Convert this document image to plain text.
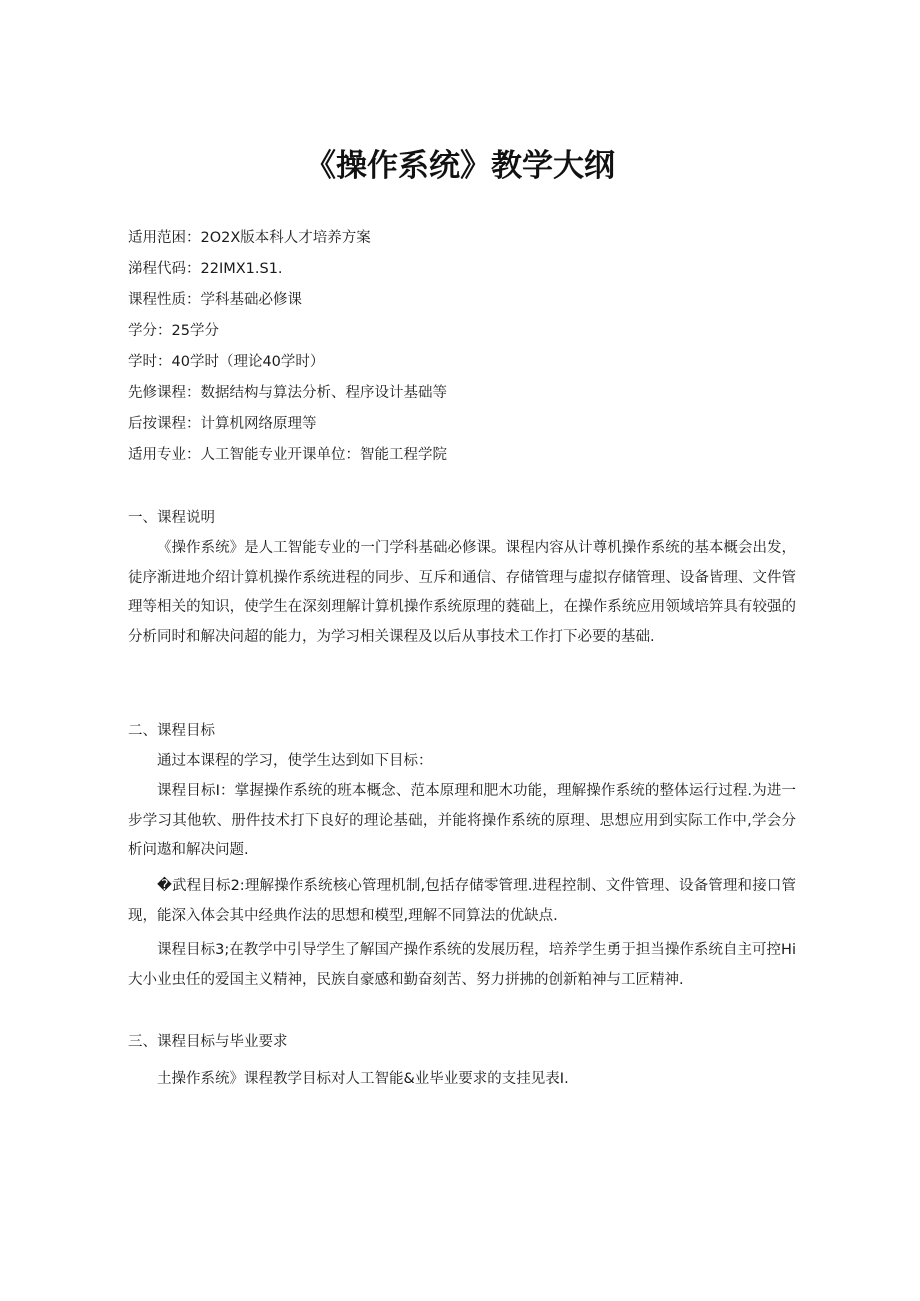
《操作系统》教学大纲
适用范困：2O2X版本科人才培养方案
涕程代码：22IMX1.S1.
课程性质：学科基础必修课
学分：25学分
学时：40学时（理论40学时）
先修课程：数据结构与算法分析、程序设计基础等
后按课程：计算机网络原理等
适用专业：人工智能专业开课单位：智能工程学院
一、课程说明

《操作系统》是人工智能专业的一门学科基础必修课。课程内容从计尊机操作系统的基本概会出发，徒序渐进地介绍计算机操作系统进程的同步、互斥和通信、存储管理与虚拟存储管理、设备皆理、文件管理等相关的知识，使学生在深刻理解计算机操作系统原理的蕤础上，在操作系统应用领域培笄具有较强的分析同时和解决问超的能力，为学习相关课程及以后从事技术工作打下必要的基础.

二、课程目标

通过本课程的学习，使学生达到如下目标：

课程目标I：掌握操作系统的班本概念、范本原理和肥木功能，理解操作系统的整体运行过程.为进一步学习其他软、册件技术打下良好的理论基础，并能将操作系统的原理、思想应用到实际工作中,学会分析问遨和解决问题.

�武程目标2:理解操作系统核心管理机制,包括存储零管理.进程控制、文件管理、设备管理和接口管现，能深入体会其中经典作法的思想和模型,理解不同算法的优缺点.

课程目标3;在教学中引导学生了解国产操作系统的发展历程，培养学生勇于担当操作系统自主可控Hi大小业虫任的爱国主义精神，民族自豪感和勤奋刻苦、努力拼拂的创新粕神与工匠精神.

三、课程目标与毕业要求

土操作系统》课程教学目标对人工智能&业毕业要求的支挂见表I.
